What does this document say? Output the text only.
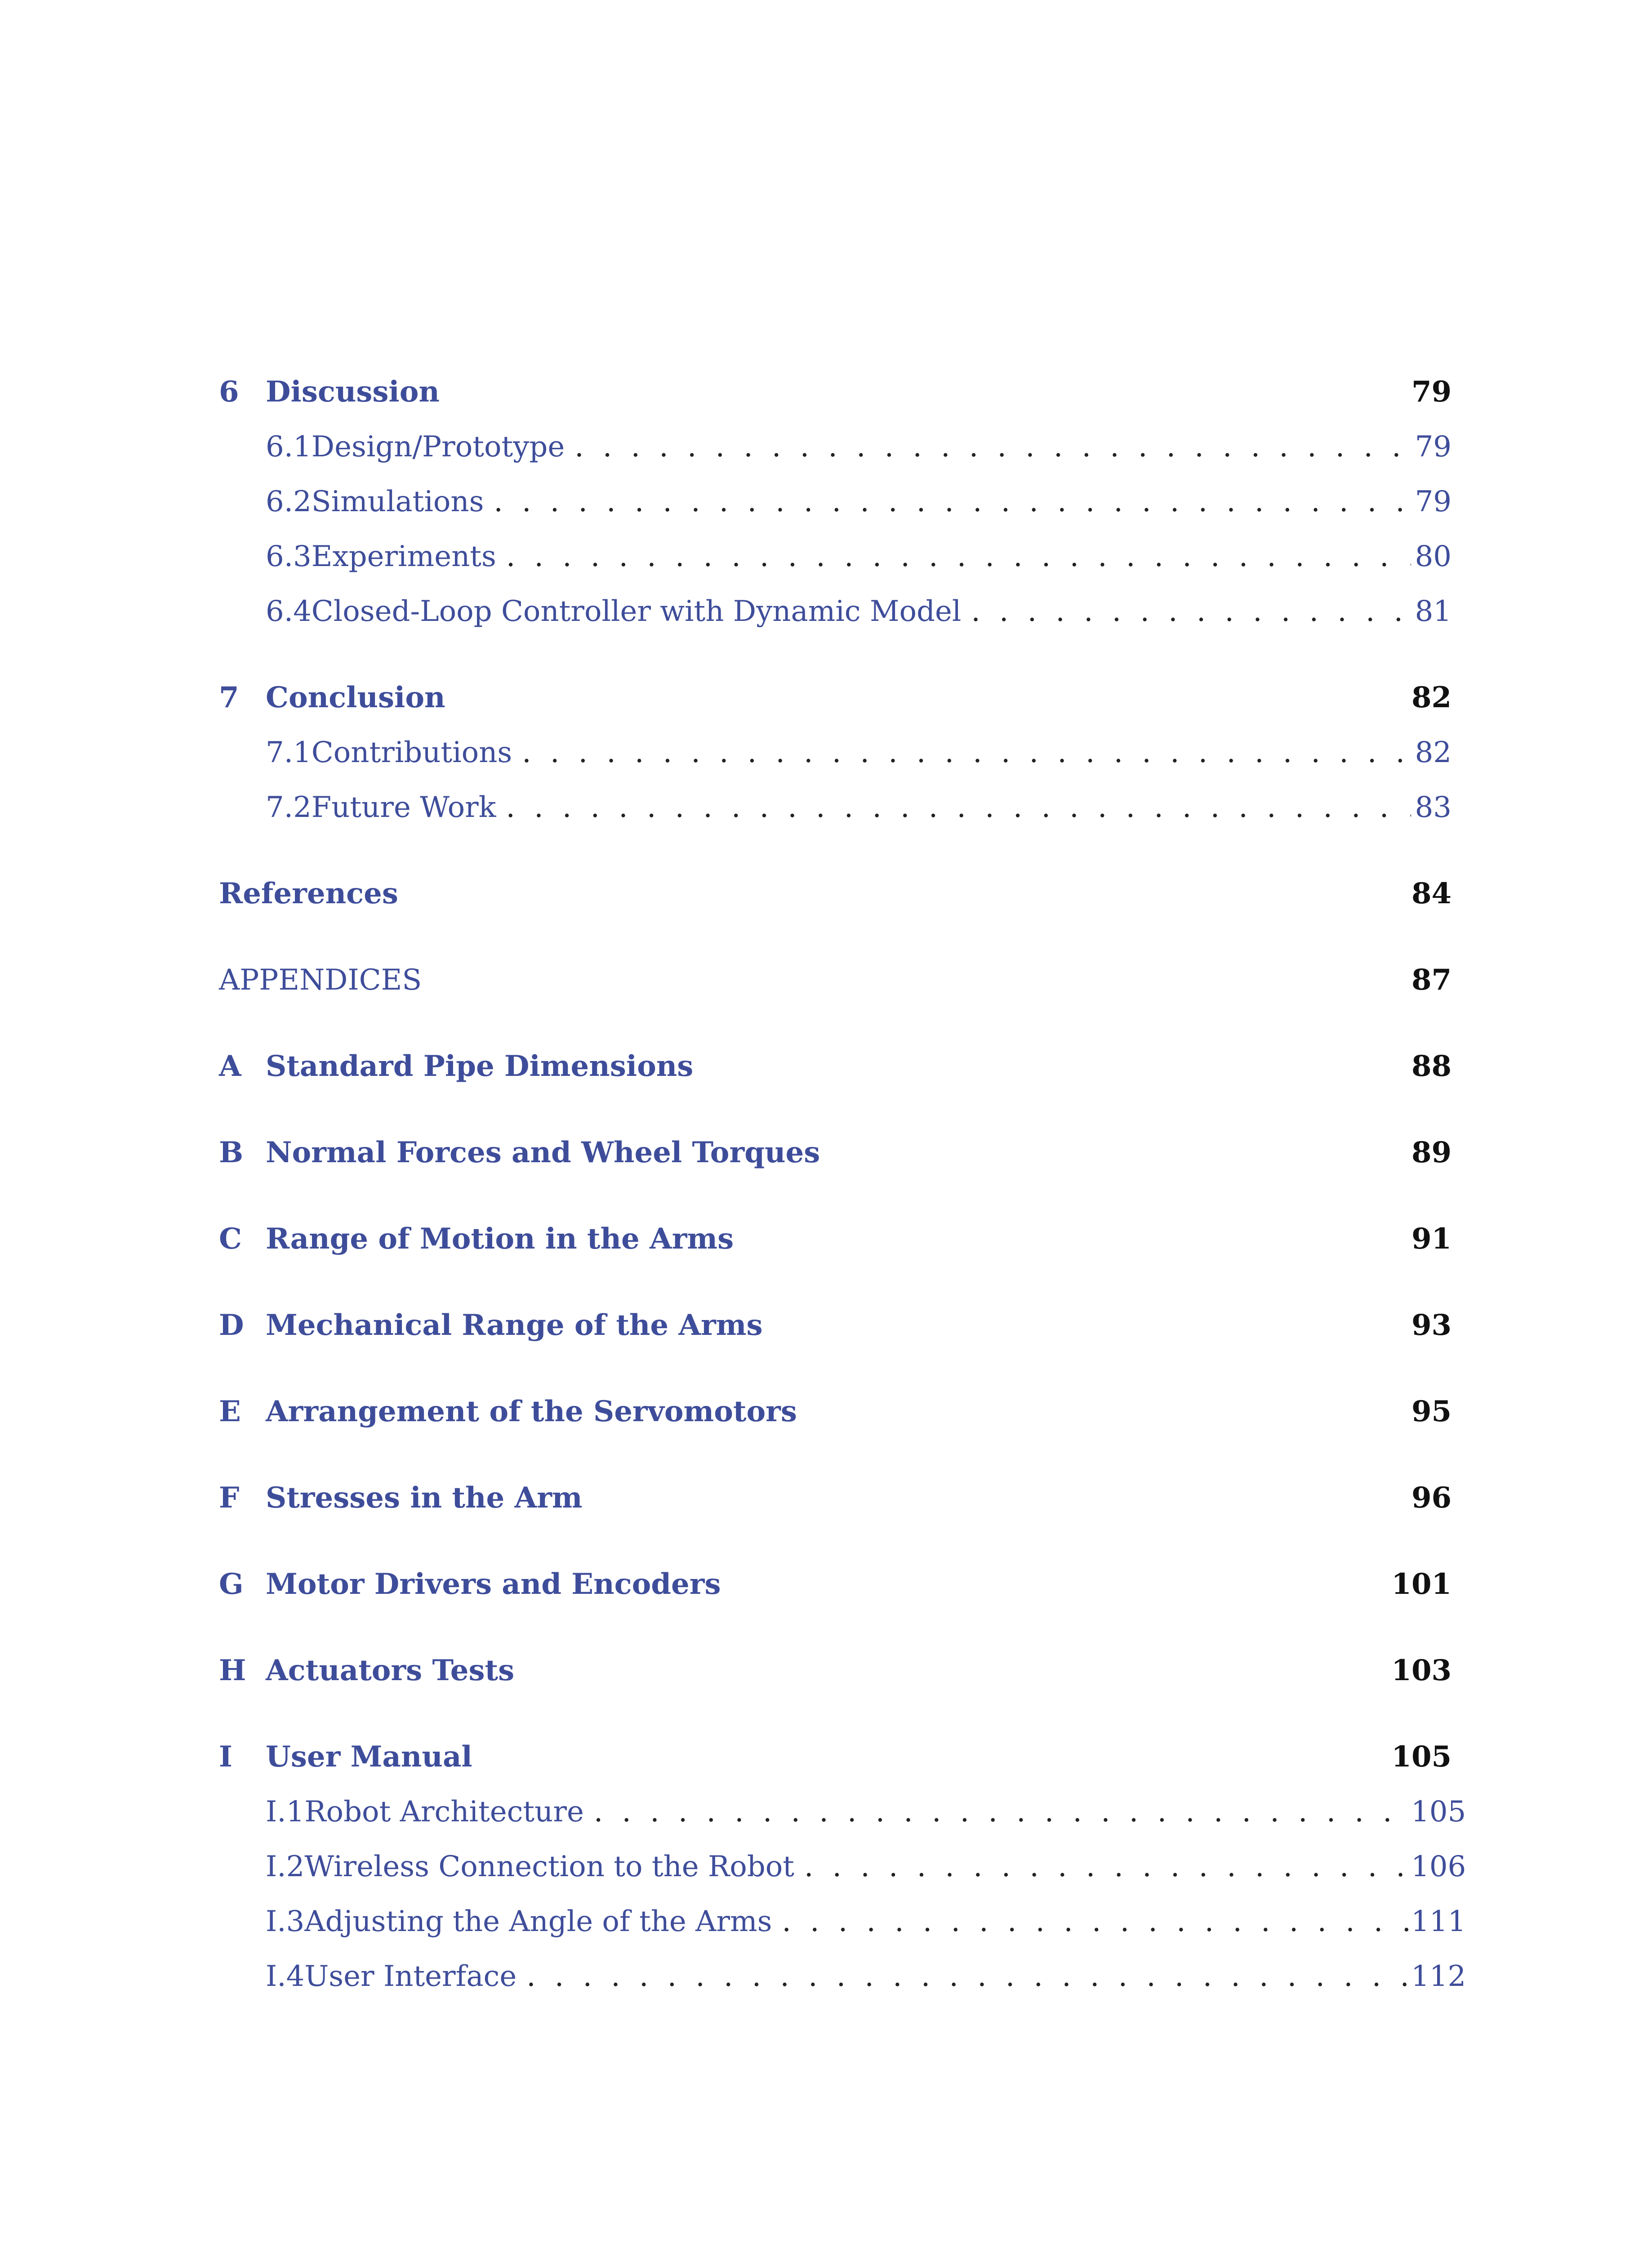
6 Discussion	79
6.1 Design/Prototype . . .	79
6.2 Simulations . . .	79
6.3 Experiments . . .	80
6.4 Closed-Loop Controller with Dynamic Model . . .	81
7 Conclusion	82
7.1 Contributions . . .	82
7.2 Future Work . . .	83
References	84
APPENDICES	87
A Standard Pipe Dimensions	88
B Normal Forces and Wheel Torques	89
C Range of Motion in the Arms	91
D Mechanical Range of the Arms	93
E Arrangement of the Servomotors	95
F Stresses in the Arm	96
G Motor Drivers and Encoders	101
H Actuators Tests	103
I	User Manual	105
I.1 Robot Architecture . . .	105
I.2 Wireless Connection to the Robot . . .	106
I.3 Adjusting the Angle of the Arms . . .	111
I.4 User Interface . . .	112
